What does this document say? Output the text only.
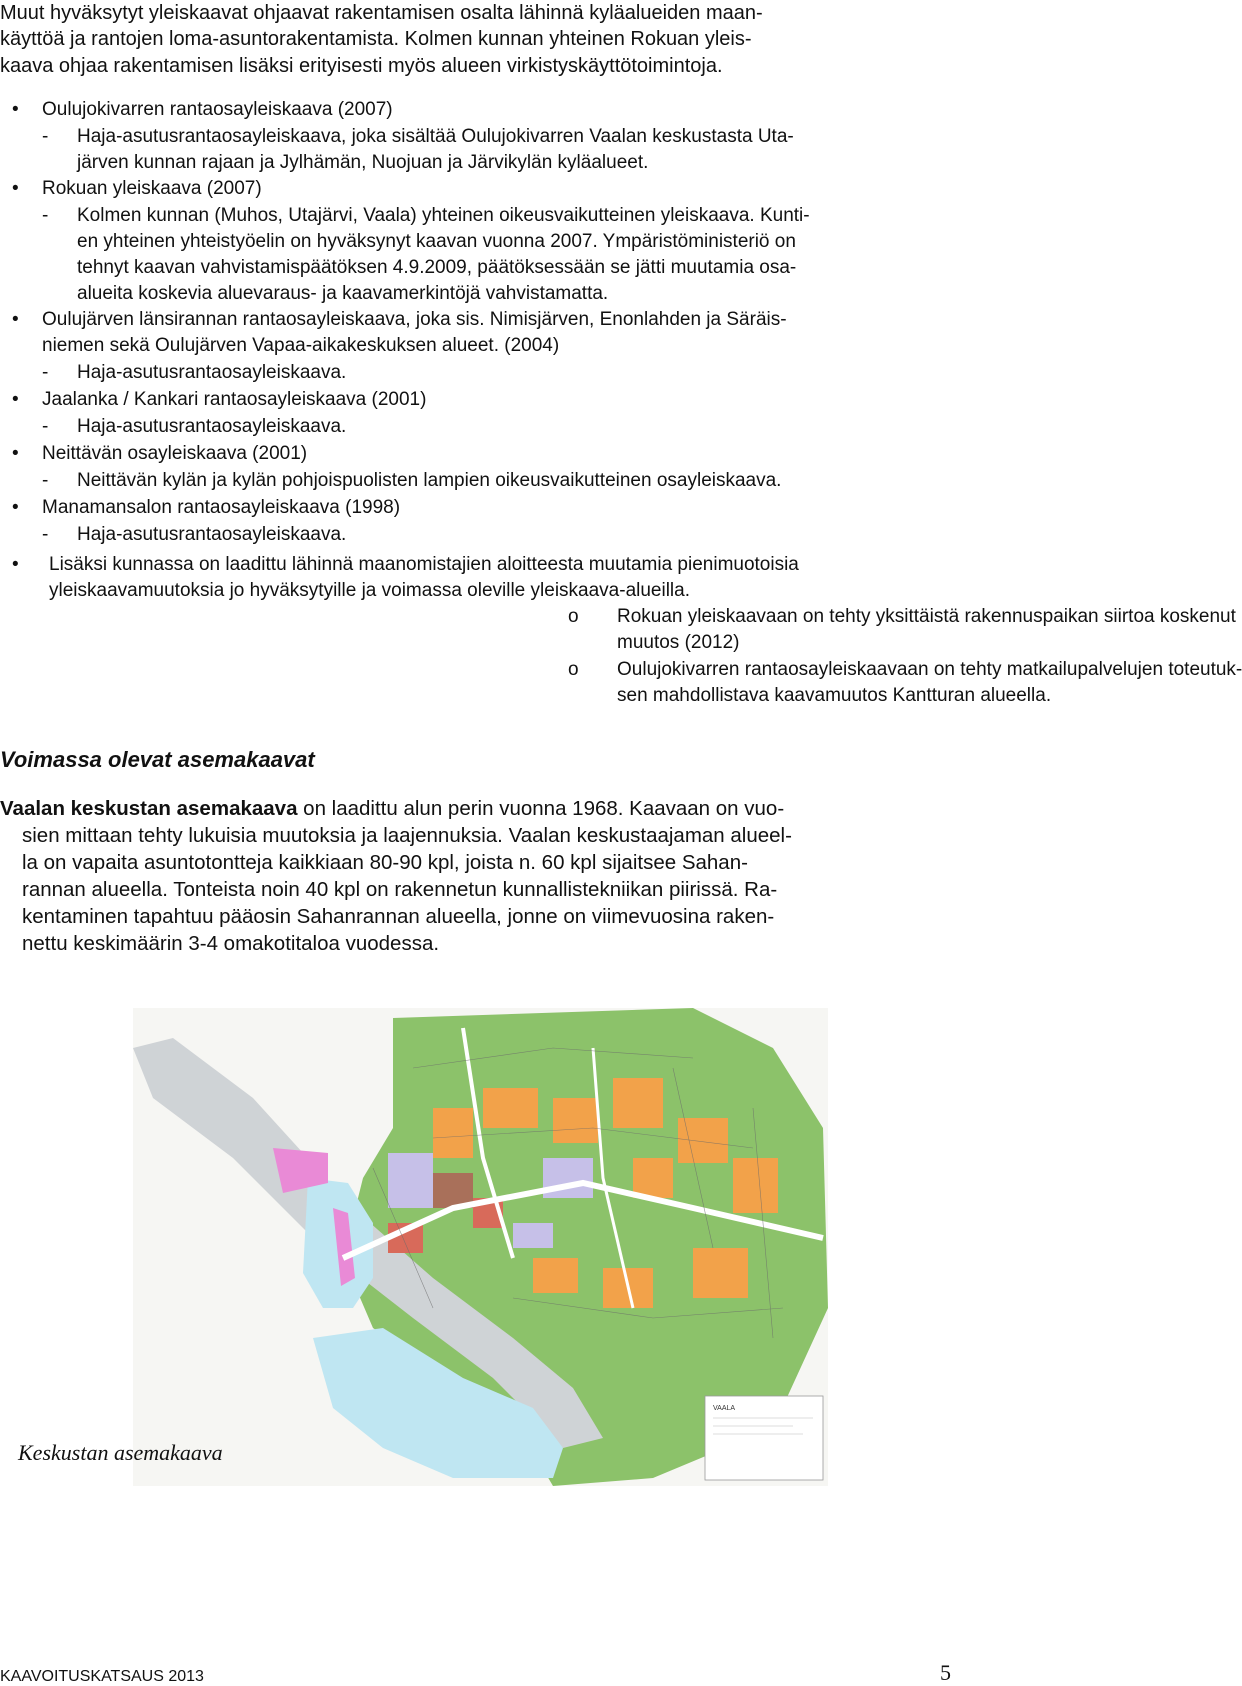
Muut hyväksytyt yleiskaavat ohjaavat rakentamisen osalta lähinnä kyläalueiden maan-
käyttöä ja rantojen loma-asuntorakentamista. Kolmen kunnan yhteinen Rokuan yleis-
kaava ohjaa rakentamisen lisäksi erityisesti myös alueen virkistyskäyttötoimintoja.
•	Oulujokivarren rantaosayleiskaava (2007)
- Haja-asutusrantaosayleiskaava, joka sisältää Oulujokivarren Vaalan keskustasta Uta-
järven kunnan rajaan ja Jylhämän, Nuojuan ja Järvikylän kyläalueet.
•	Rokuan yleiskaava (2007)
- Kolmen kunnan (Muhos, Utajärvi, Vaala) yhteinen oikeusvaikutteinen yleiskaava. Kunti-
en yhteinen yhteistyöelin on hyväksynyt kaavan vuonna 2007. Ympäristöministeriö on
tehnyt kaavan vahvistamispäätöksen 4.9.2009, päätöksessään se jätti muutamia osa-
alueita koskevia aluevaraus- ja kaavamerkintöjä vahvistamatta.
•	Oulujärven länsirannan rantaosayleiskaava, joka sis. Nimisjärven, Enonlahden ja Säräis-
niemen sekä Oulujärven Vapaa-aikakeskuksen alueet. (2004)
- Haja-asutusrantaosayleiskaava.
•	Jaalanka / Kankari rantaosayleiskaava (2001)
- Haja-asutusrantaosayleiskaava.
•	Neittävän osayleiskaava (2001)
- Neittävän kylän ja kylän pohjoispuolisten lampien oikeusvaikutteinen osayleiskaava.
•	Manamansalon rantaosayleiskaava (1998)
- Haja-asutusrantaosayleiskaava.
•	Lisäksi kunnassa on laadittu lähinnä maanomistajien aloitteesta muutamia pienimuotoisia
yleiskaavamuutoksia jo hyväksytyille ja voimassa oleville yleiskaava-alueilla.
o Rokuan yleiskaavaan on tehty yksittäistä rakennuspaikan siirtoa koskenut
muutos (2012)
o Oulujokivarren rantaosayleiskaavaan on tehty matkailupalvelujen toteutuk-
sen mahdollistava kaavamuutos Kantturan alueella.
Voimassa olevat asemakaavat
Vaalan keskustan asemakaava on laadittu alun perin vuonna 1968. Kaavaan on vuo-
sien mittaan tehty lukuisia muutoksia ja laajennuksia. Vaalan keskustaajaman alueel-
la on vapaita asuntotontteja kaikkiaan 80-90 kpl, joista n. 60 kpl sijaitsee Sahan-
rannan alueella. Tonteista noin 40 kpl on rakennetun kunnallistekniikan piirissä. Ra-
kentaminen tapahtuu pääosin Sahanrannan alueella, jonne on viimevuosina raken-
nettu keskimäärin 3-4 omakotitaloa vuodessa.
VAALA
Keskustan asemakaava
KAAVOITUSKATSAUS 2013	5
